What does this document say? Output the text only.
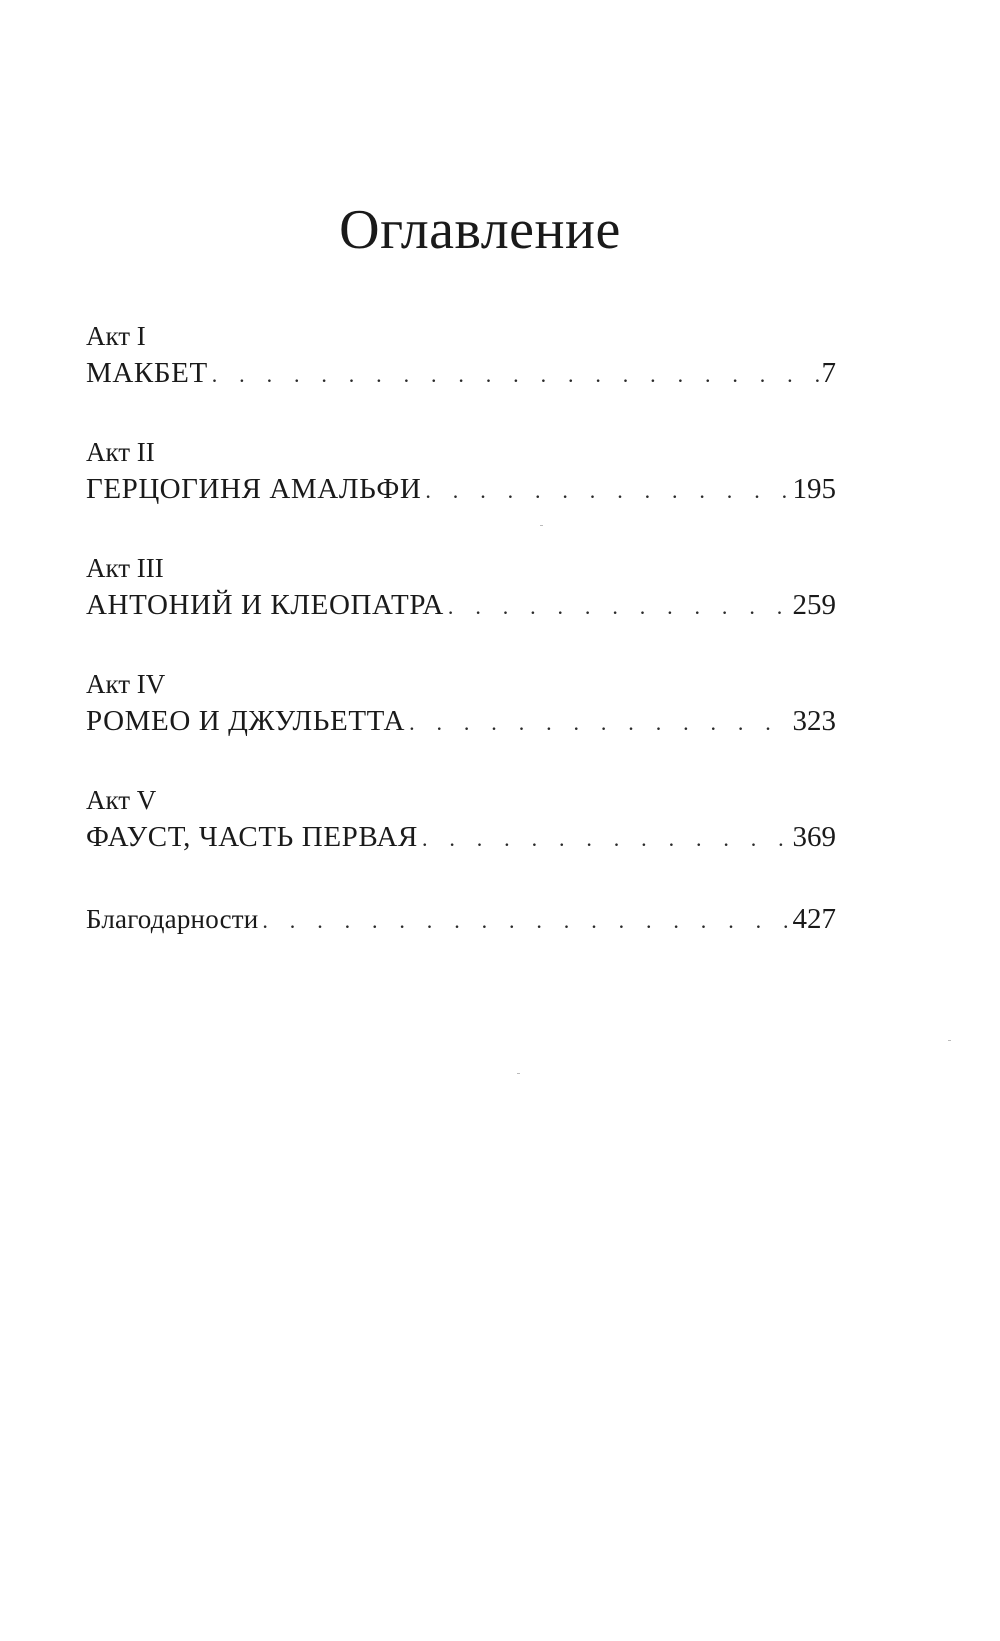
Оглавление
Акт I
МАКБЕТ . . .	7
Акт II
ГЕРЦОГИНЯ АМАЛЬФИ . . .	195
Акт III
АНТОНИЙ И КЛЕОПАТРА . . .	259
Акт IV
РОМЕО И ДЖУЛЬЕТТА . . .	323
Акт V
ФАУСТ, ЧАСТЬ ПЕРВАЯ . . .	369
Благодарности . . .	427
